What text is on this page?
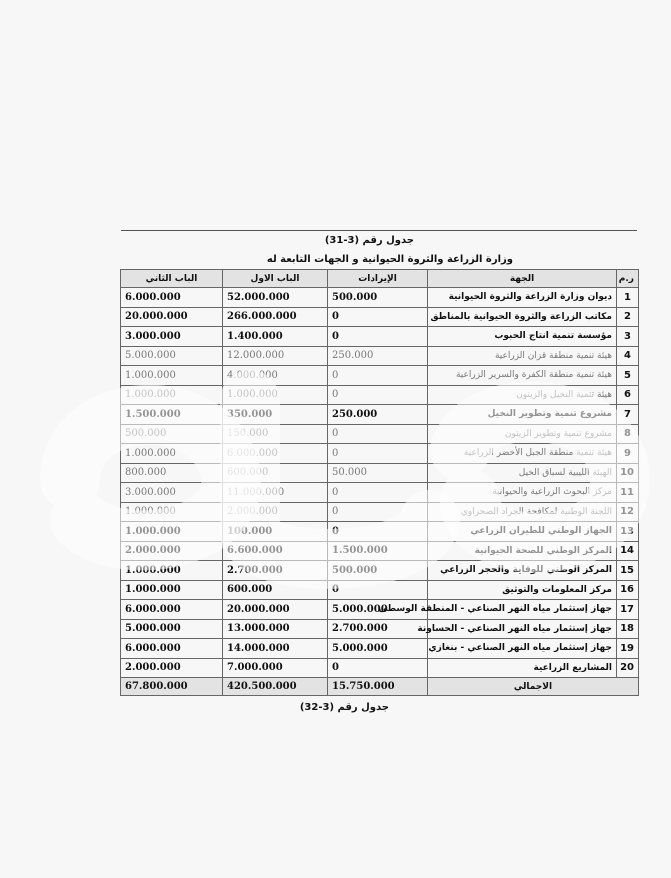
جدول رقم (3-31)
وزارة الزراعة والثروة الحيوانية و الجهات التابعة له
ر.م	الجهة	الإيرادات	الباب الاول	الباب الثاني
1	ديوان وزارة الزراعة والثروة الحيوانية	500.000	52.000.000	6.000.000
2	مكاتب الزراعة والثروة الحيوانية بالمناطق	0	266.000.000	20.000.000
3	مؤسسة تنمية انتاج الحبوب	0	1.400.000	3.000.000
4	هيئة تنمية منطقة قزان الزراعية	250.000	12.000.000	5.000.000
5	هيئة تنمية منطقة الكفرة والسرير الزراعية	0	4.000.000	1.000.000
6	هيئة تنمية النخيل والزيتون	0	1.000.000	1.000.000
7	مشروع تنمية وتطوير النخيل	250.000	350.000	1.500.000
8	مشروع تنمية وتطوير الزيتون	0	150.000	500.000
9	هيئة تنمية منطقة الجبل الأخضر الزراعية	0	6.000.000	1.000.000
10	الهيئة الليبية لسباق الخيل	50.000	600.000	800.000
11	مركز البحوث الزراعية والحيوانية	0	11.000.000	3.000.000
12	اللجنة الوطنية لمكافحة الجراد الصحراوي	0	2.000.000	1.000.000
13	الجهاز الوطني للطيران الزراعي	0	100.000	1.000.000
14	المركز الوطني للصحة الحيوانية	1.500.000	6.600.000	2.000.000
15	المركز الوطني للوقاية والحجر الزراعي	500.000	2.700.000	1.000.000
16	مركز المعلومات والتوثيق	0	600.000	1.000.000
17	جهاز إستثمار مياه النهر الصناعي - المنطقة الوسطى	5.000.000	20.000.000	6.000.000
18	جهاز إستثمار مياه النهر الصناعي - الحساونة	2.700.000	13.000.000	5.000.000
19	جهاز إستثمار مياه النهر الصناعي - بنغازي	5.000.000	14.000.000	6.000.000
20	المشاريع الزراعية	0	7.000.000	2.000.000
الاجمالي		15.750.000	420.500.000	67.800.000
جدول رقم (3-32)
